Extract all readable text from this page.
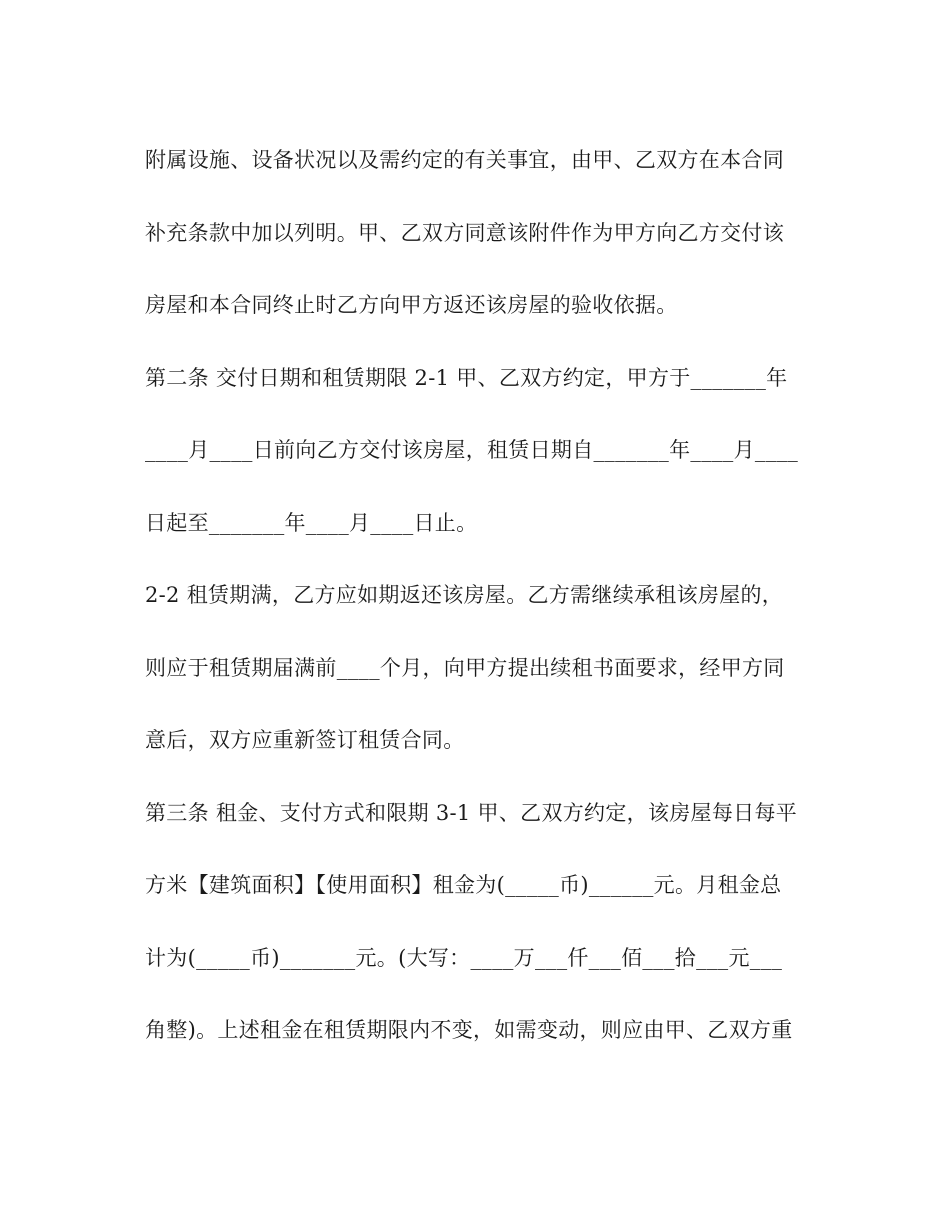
附属设施、设备状况以及需约定的有关事宜，由甲、乙双方在本合同
补充条款中加以列明。甲、乙双方同意该附件作为甲方向乙方交付该
房屋和本合同终止时乙方向甲方返还该房屋的验收依据。
第二条 交付日期和租赁期限 2-1 甲、乙双方约定，甲方于_______年
____月____日前向乙方交付该房屋，租赁日期自_______年____月____
日起至_______年____月____日止。
2-2 租赁期满，乙方应如期返还该房屋。乙方需继续承租该房屋的，
则应于租赁期届满前____个月，向甲方提出续租书面要求，经甲方同
意后，双方应重新签订租赁合同。
第三条 租金、支付方式和限期 3-1 甲、乙双方约定，该房屋每日每平
方米【建筑面积】【使用面积】租金为(_____币)______元。月租金总
计为(_____币)_______元。(大写：____万___仟___佰___拾___元___
角整)。上述租金在租赁期限内不变，如需变动，则应由甲、乙双方重
